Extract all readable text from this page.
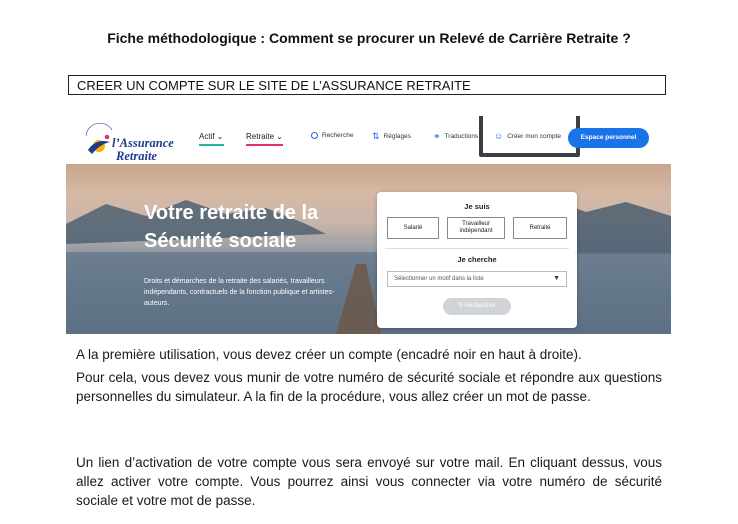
Fiche méthodologique : Comment se procurer un Relevé de Carrière Retraite ?
CREER UN COMPTE SUR LE SITE DE L’ASSURANCE RETRAITE
l’Assurance
Retraite
Actif ⌄	Retraite ⌄	Recherche ⇅ Réglages ⚭ Traductions ☺ Créer mon compte	Espace personnel
Votre retraite de la
Sécurité sociale
Droits et démarches de la retraite des salariés, travailleurs indépendants, contractuels de la fonction publique et artistes-auteurs.
Je suis
Salarié
Travailleur indépendant
Retraité
Je cherche
Sélectionner un motif dans la liste	▼
⚲ Rechercher

A la première utilisation, vous devez créer un compte (encadré noir en haut à droite).

Pour cela, vous devez vous munir de votre numéro de sécurité sociale et répondre aux questions personnelles du simulateur. A la fin de la procédure, vous allez créer un mot de passe.

Un lien d’activation de votre compte vous sera envoyé sur votre mail. En cliquant dessus, vous allez activer votre compte. Vous pourrez ainsi vous connecter via votre numéro de sécurité sociale et votre mot de passe.
